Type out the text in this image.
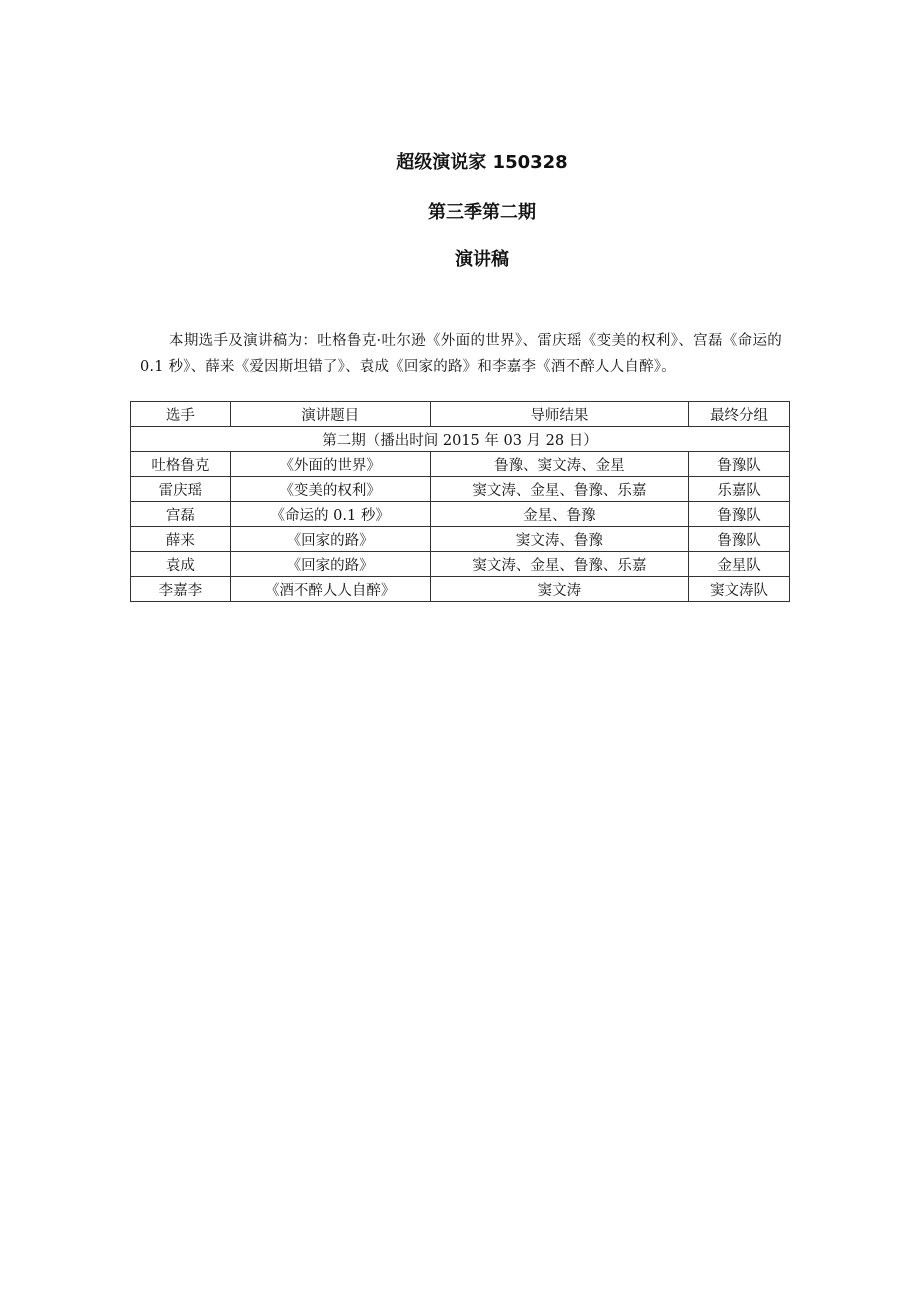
超级演说家 150328
第三季第二期
演讲稿

本期选手及演讲稿为：吐格鲁克·吐尔逊《外面的世界》、雷庆瑶《变美的权利》、宫磊《命运的 0.1 秒》、薛来《爱因斯坦错了》、袁成《回家的路》和李嘉李《酒不醉人人自醉》。

选手	演讲题目	导师结果	最终分组
第二期（播出时间 2015 年 03 月 28 日）			
吐格鲁克	《外面的世界》	鲁豫、窦文涛、金星	鲁豫队
雷庆瑶	《变美的权利》	窦文涛、金星、鲁豫、乐嘉	乐嘉队
宫磊	《命运的 0.1 秒》	金星、鲁豫	鲁豫队
薛来	《回家的路》	窦文涛、鲁豫	鲁豫队
袁成	《回家的路》	窦文涛、金星、鲁豫、乐嘉	金星队
李嘉李	《酒不醉人人自醉》	窦文涛	窦文涛队
